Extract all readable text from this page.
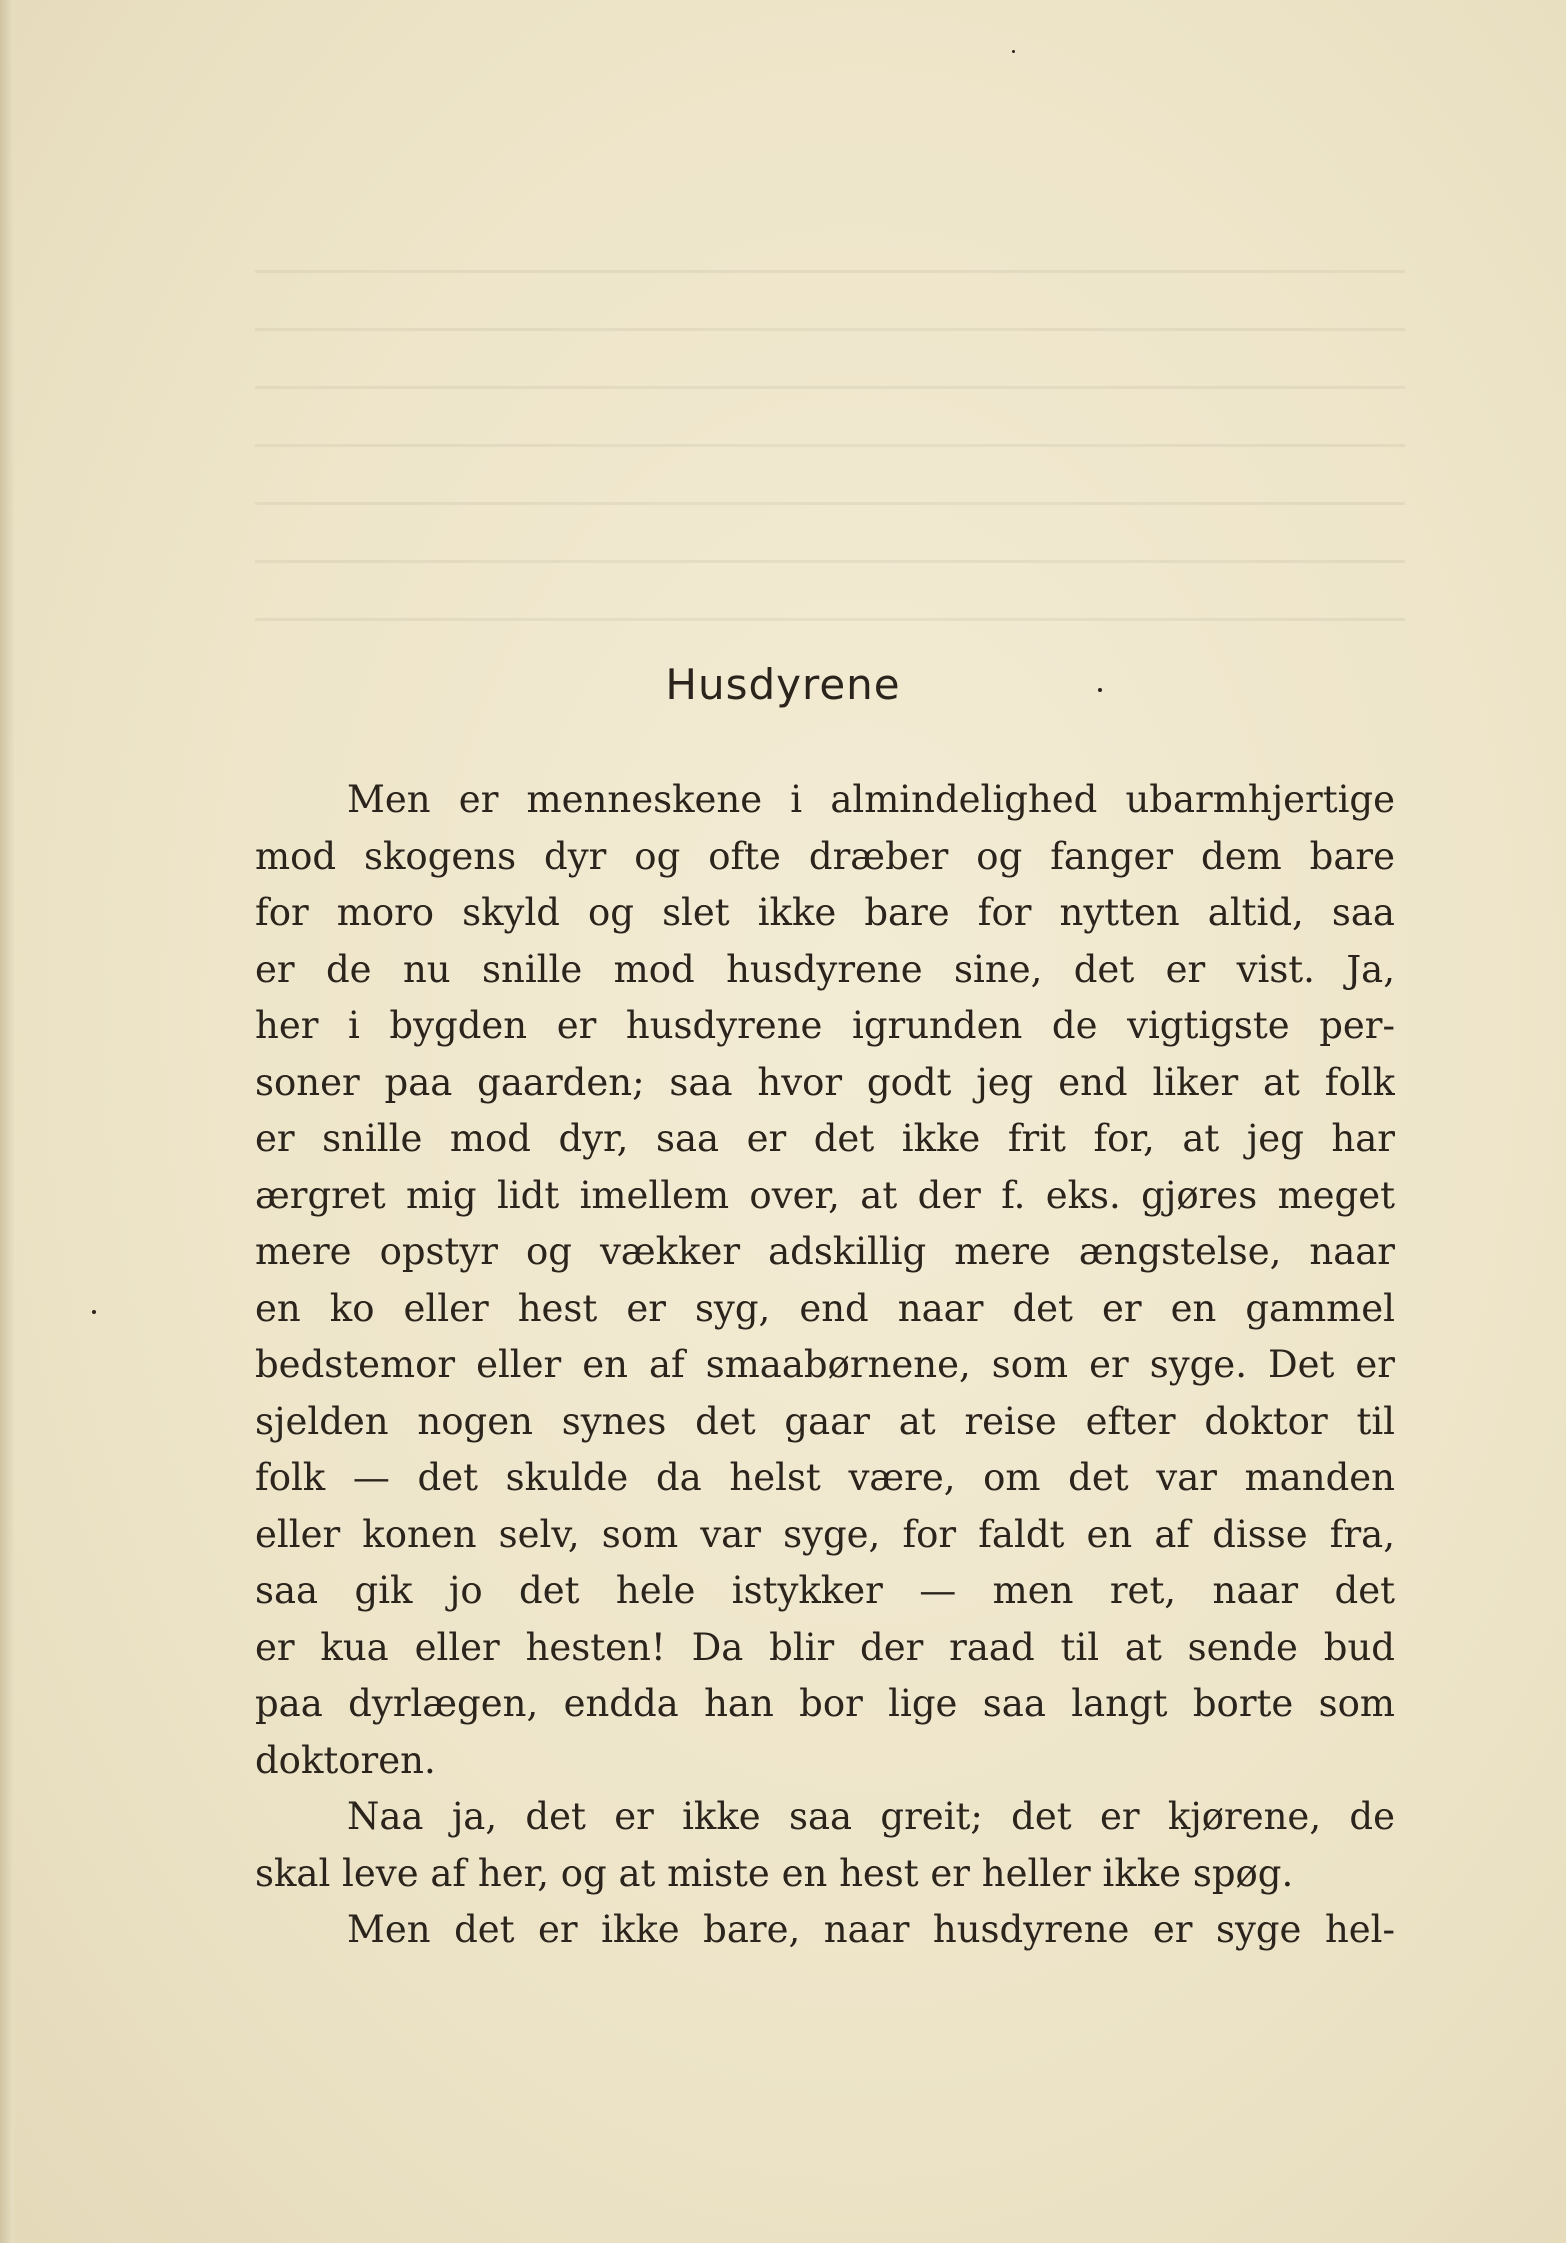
Husdyrene
Men er menneskene i almindelighed ubarmhjertige
mod skogens dyr og ofte dræber og fanger dem bare
for moro skyld og slet ikke bare for nytten altid, saa
er de nu snille mod husdyrene sine, det er vist. Ja,
her i bygden er husdyrene igrunden de vigtigste per-
soner paa gaarden; saa hvor godt jeg end liker at folk
er snille mod dyr, saa er det ikke frit for, at jeg har
ærgret mig lidt imellem over, at der f. eks. gjøres meget
mere opstyr og vækker adskillig mere ængstelse, naar
en ko eller hest er syg, end naar det er en gammel
bedstemor eller en af smaabørnene, som er syge. Det er
sjelden nogen synes det gaar at reise efter doktor til
folk — det skulde da helst være, om det var manden
eller konen selv, som var syge, for faldt en af disse fra,
saa gik jo det hele istykker — men ret, naar det
er kua eller hesten! Da blir der raad til at sende bud
paa dyrlægen, endda han bor lige saa langt borte som
doktoren.
Naa ja, det er ikke saa greit; det er kjørene, de
skal leve af her, og at miste en hest er heller ikke spøg.
Men det er ikke bare, naar husdyrene er syge hel-
